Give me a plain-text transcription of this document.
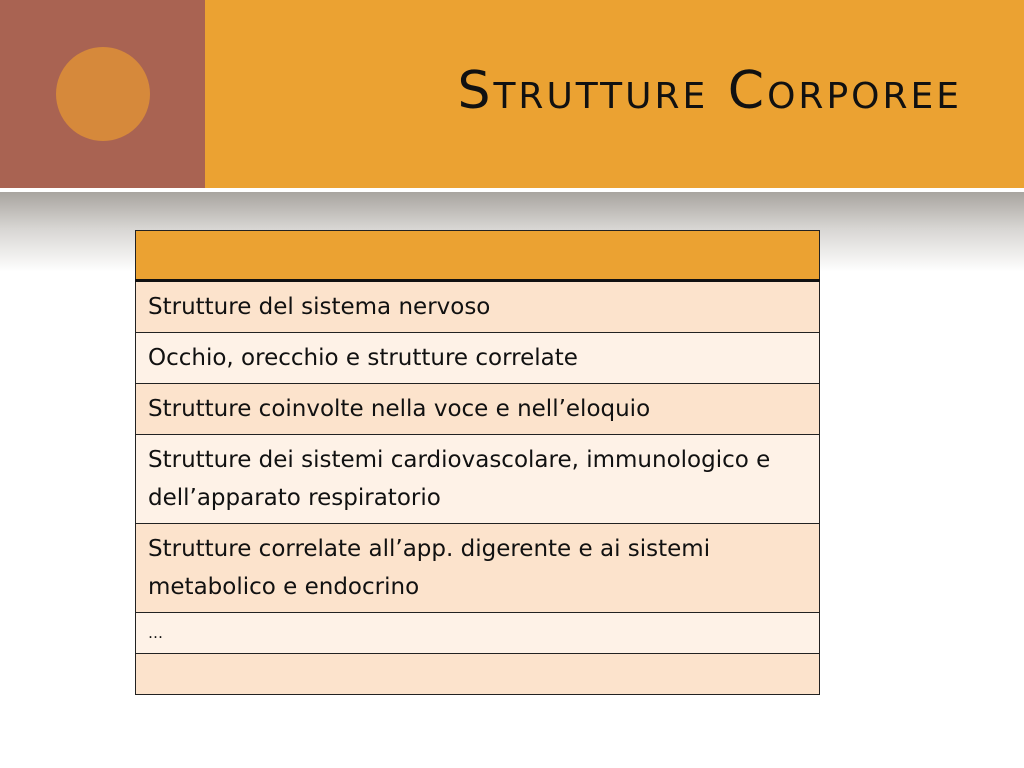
Strutture Corporee

Strutture del sistema nervoso
Occhio, orecchio e strutture correlate
Strutture coinvolte nella voce e nell’eloquio
Strutture dei sistemi cardiovascolare, immunologico e dell’apparato respiratorio
Strutture correlate all’app. digerente e ai sistemi metabolico e endocrino
…
